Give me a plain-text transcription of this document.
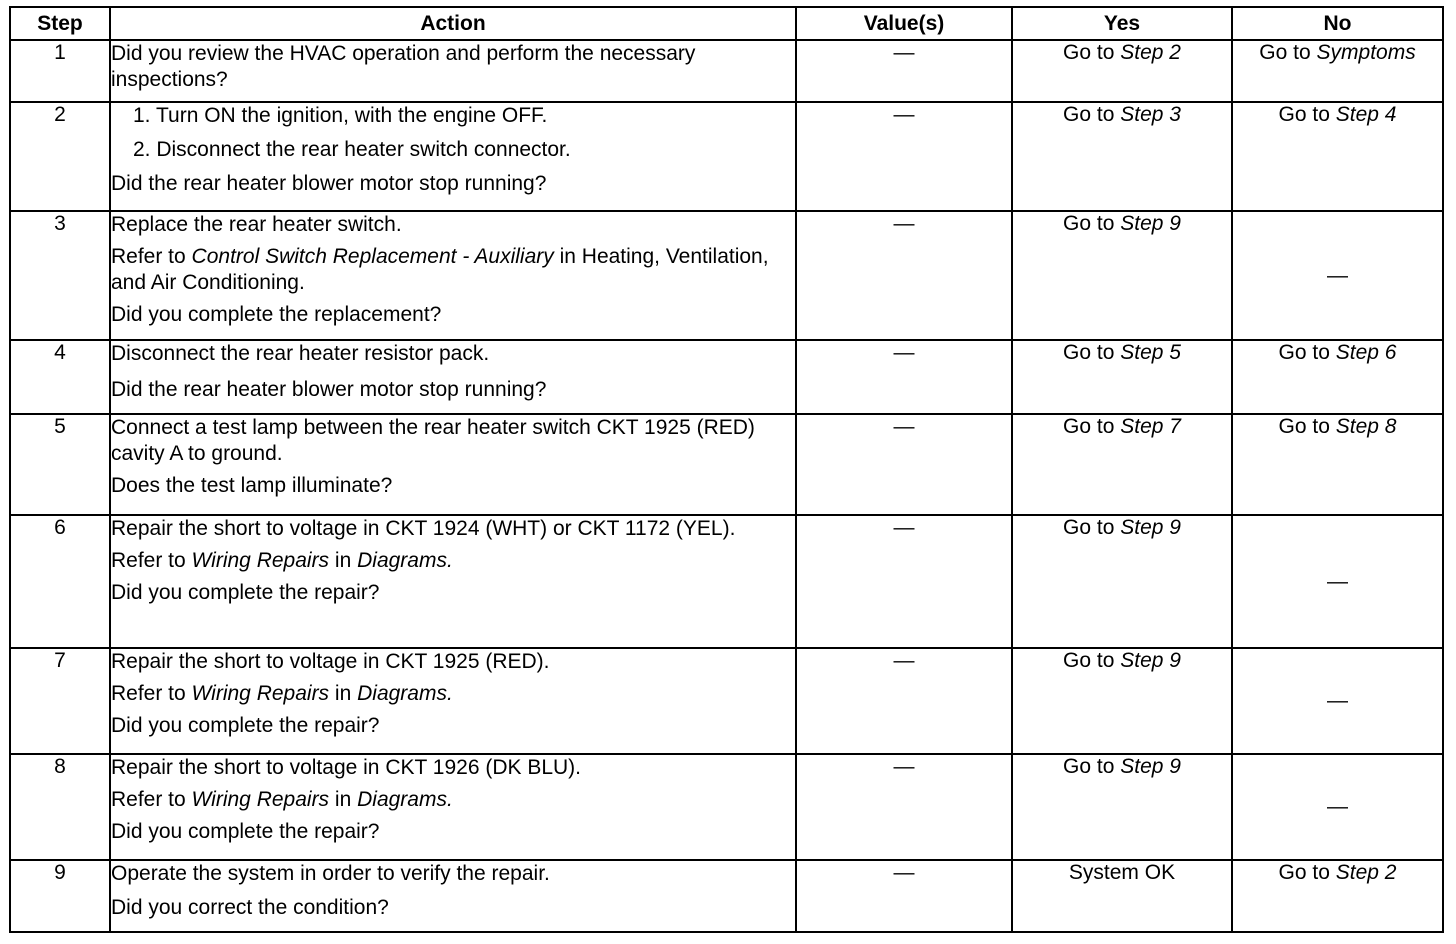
Step	Action	Value(s)	Yes	No
1	Did you review the HVAC operation and perform the necessary inspections?	—	Go to Step 2	Go to Symptoms
2	1. Turn ON the ignition, with the engine OFF.
2. Disconnect the rear heater switch connector.
Did the rear heater blower motor stop running?	—	Go to Step 3	Go to Step 4
3	Replace the rear heater switch.
Refer to Control Switch Replacement - Auxiliary in Heating, Ventilation, and Air Conditioning.
Did you complete the replacement?	—	Go to Step 9	—
4	Disconnect the rear heater resistor pack.
Did the rear heater blower motor stop running?	—	Go to Step 5	Go to Step 6
5	Connect a test lamp between the rear heater switch CKT 1925 (RED) cavity A to ground.
Does the test lamp illuminate?	—	Go to Step 7	Go to Step 8
6	Repair the short to voltage in CKT 1924 (WHT) or CKT 1172 (YEL).
Refer to Wiring Repairs in Diagrams.
Did you complete the repair?	—	Go to Step 9	—
7	Repair the short to voltage in CKT 1925 (RED).
Refer to Wiring Repairs in Diagrams.
Did you complete the repair?	—	Go to Step 9	—
8	Repair the short to voltage in CKT 1926 (DK BLU).
Refer to Wiring Repairs in Diagrams.
Did you complete the repair?	—	Go to Step 9	—
9	Operate the system in order to verify the repair.
Did you correct the condition?	—	System OK	Go to Step 2
